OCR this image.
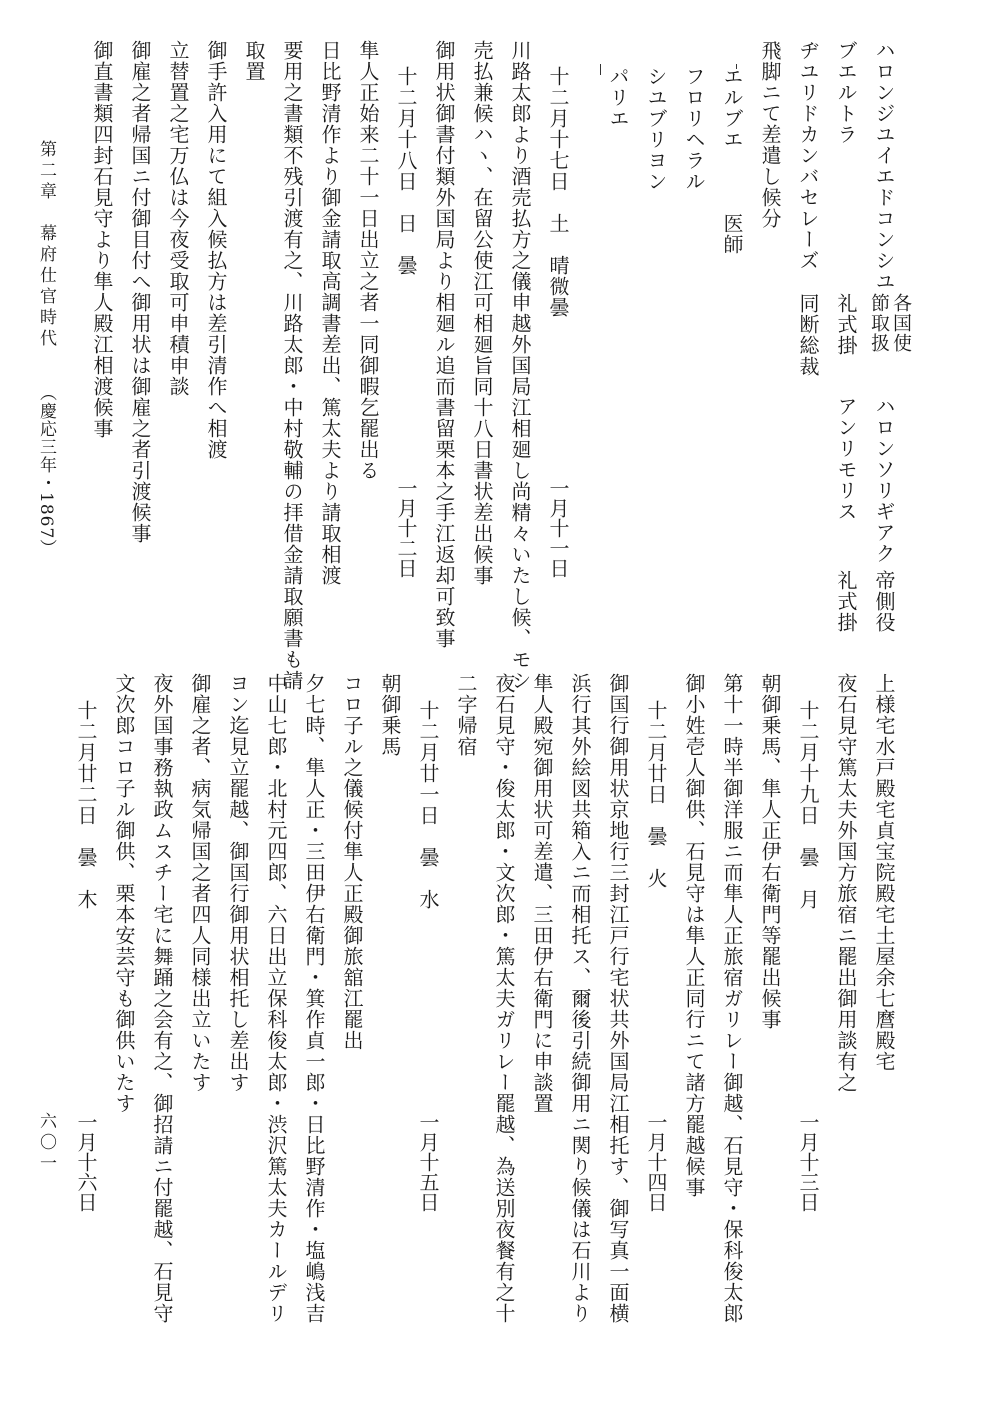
ハロンジユイエドコンシユ
各国使節取扱
ハロンソリギアク
帝側役
ブエルトラ
礼式掛
アンリモリス
礼式掛
ヂユリドカンバセレーズ
同断総裁
飛脚ニて差遣し候分
エルブエ
医師
フロリヘラル
シユブリヨン
パリエ
十二月十七日　土　晴微曇
一月十一日
川路太郎より酒売払方之儀申越外国局江相廻し尚精々いたし候、モシ
売払兼候ハヽ、在留公使江可相廻旨同十八日書状差出候事
御用状御書付類外国局より相廻ル追而書留栗本之手江返却可致事
十二月十八日　日　曇
一月十二日
隼人正始来二十一日出立之者一同御暇乞罷出る
日比野清作より御金請取高調書差出、篤太夫より請取相渡
要用之書類不残引渡有之、川路太郎・中村敬輔の拝借金請取願書も請
取置
御手許入用にて組入候払方は差引清作へ相渡
立替置之宅万仏は今夜受取可申積申談
御雇之者帰国ニ付御目付へ御用状は御雇之者引渡候事
御直書類四封石見守より隼人殿江相渡候事
第二章　幕府仕官時代
（慶応三年・1867）
上様宅水戸殿宅貞宝院殿宅土屋余七麿殿宅
夜石見守篤太夫外国方旅宿ニ罷出御用談有之
十二月十九日　曇　月
一月十三日
朝御乗馬、隼人正伊右衛門等罷出候事
第十一時半御洋服ニ而隼人正旅宿ガリレー御越、石見守・保科俊太郎
御小姓壱人御供、石見守は隼人正同行ニて諸方罷越候事
十二月廿日　曇　火
一月十四日
御国行御用状京地行三封江戸行宅状共外国局江相托す、御写真一面横
浜行其外絵図共箱入ニ而相托ス、爾後引続御用ニ関り候儀は石川より
隼人殿宛御用状可差遣、三田伊右衛門に申談置
夜石見守・俊太郎・文次郎・篤太夫ガリレー罷越、為送別夜餐有之十
二字帰宿
十二月廿一日　曇　水
一月十五日
朝御乗馬
コロ子ル之儀候付隼人正殿御旅舘江罷出
夕七時、隼人正・三田伊右衛門・箕作貞一郎・日比野清作・塩嶋浅吉
中山七郎・北村元四郎、六日出立保科俊太郎・渋沢篤太夫カールデリ
ヨン迄見立罷越、御国行御用状相托し差出す
御雇之者、病気帰国之者四人同様出立いたす
夜外国事務執政ムスチー宅に舞踊之会有之、御招請ニ付罷越、石見守
文次郎コロ子ル御供、栗本安芸守も御供いたす
十二月廿二日　曇　木
一月十六日
六〇一
